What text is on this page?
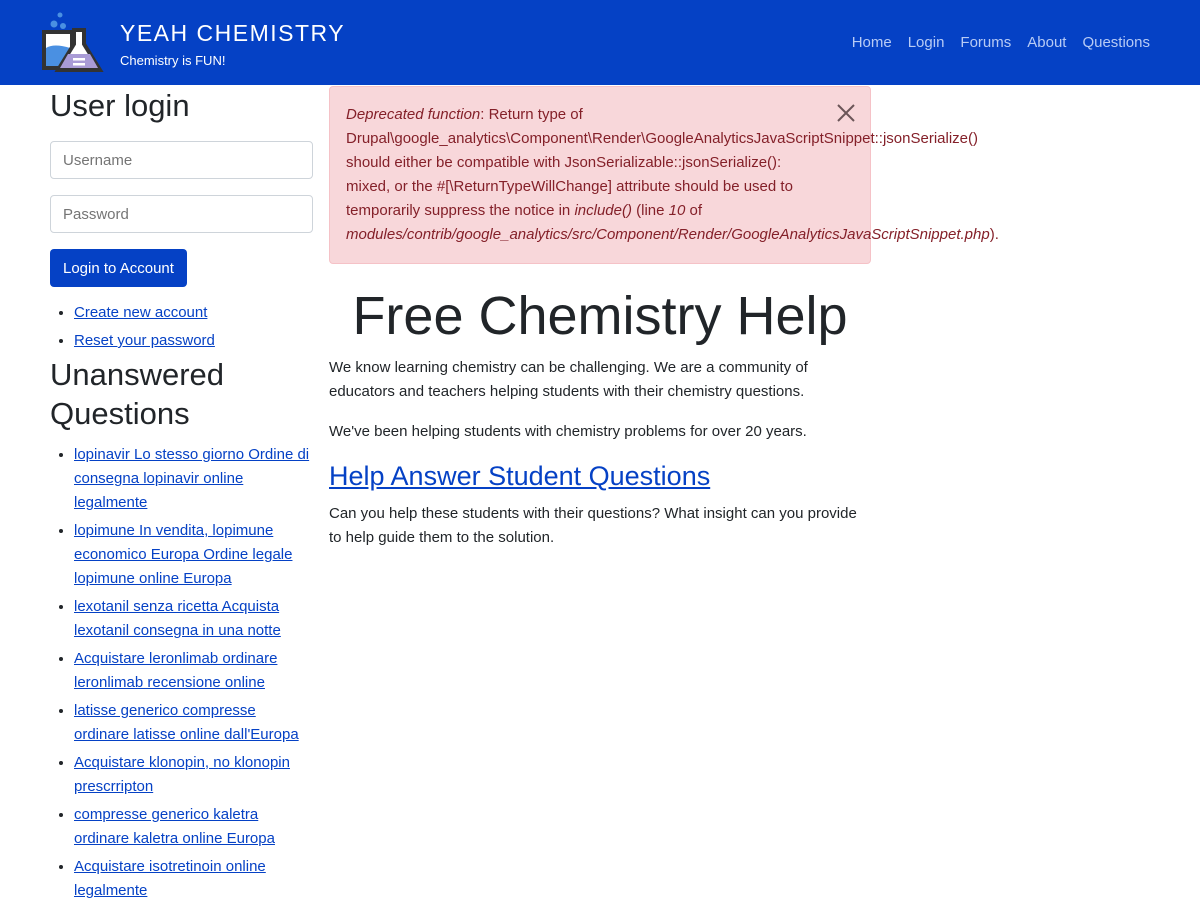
YEAH CHEMISTRY
Chemistry is FUN!
Home Login Forums About Questions
User login
Username
Login to Account
• Create new account
• Reset your password
Unanswered Questions
• lopinavir Lo stesso giorno Ordine di consegna lopinavir online legalmente
• lopimune In vendita, lopimune economico Europa Ordine legale lopimune online Europa
• lexotanil senza ricetta Acquista lexotanil consegna in una notte
• Acquistare leronlimab ordinare leronlimab recensione online
• latisse generico compresse ordinare latisse online dall'Europa
• Acquistare klonopin, no klonopin prescrripton
• compresse generico kaletra ordinare kaletra online Europa
• Acquistare isotretinoin online legalmente
Deprecated function: Return type of
Drupal\google_analytics\Component\Render\GoogleAnalyticsJavaScriptSnippet::jsonSerialize()
should either be compatible with JsonSerializable::jsonSerialize():
mixed, or the #[\ReturnTypeWillChange] attribute should be used to
temporarily suppress the notice in include() (line 10 of
modules/contrib/google_analytics/src/Component/Render/GoogleAnalyticsJavaScriptSnippet.php).
Free Chemistry Help

We know learning chemistry can be challenging. We are a community of educators and teachers helping students with their chemistry questions.

We've been helping students with chemistry problems for over 20 years.

Help Answer Student Questions

Can you help these students with their questions? What insight can you provide to help guide them to the solution.
